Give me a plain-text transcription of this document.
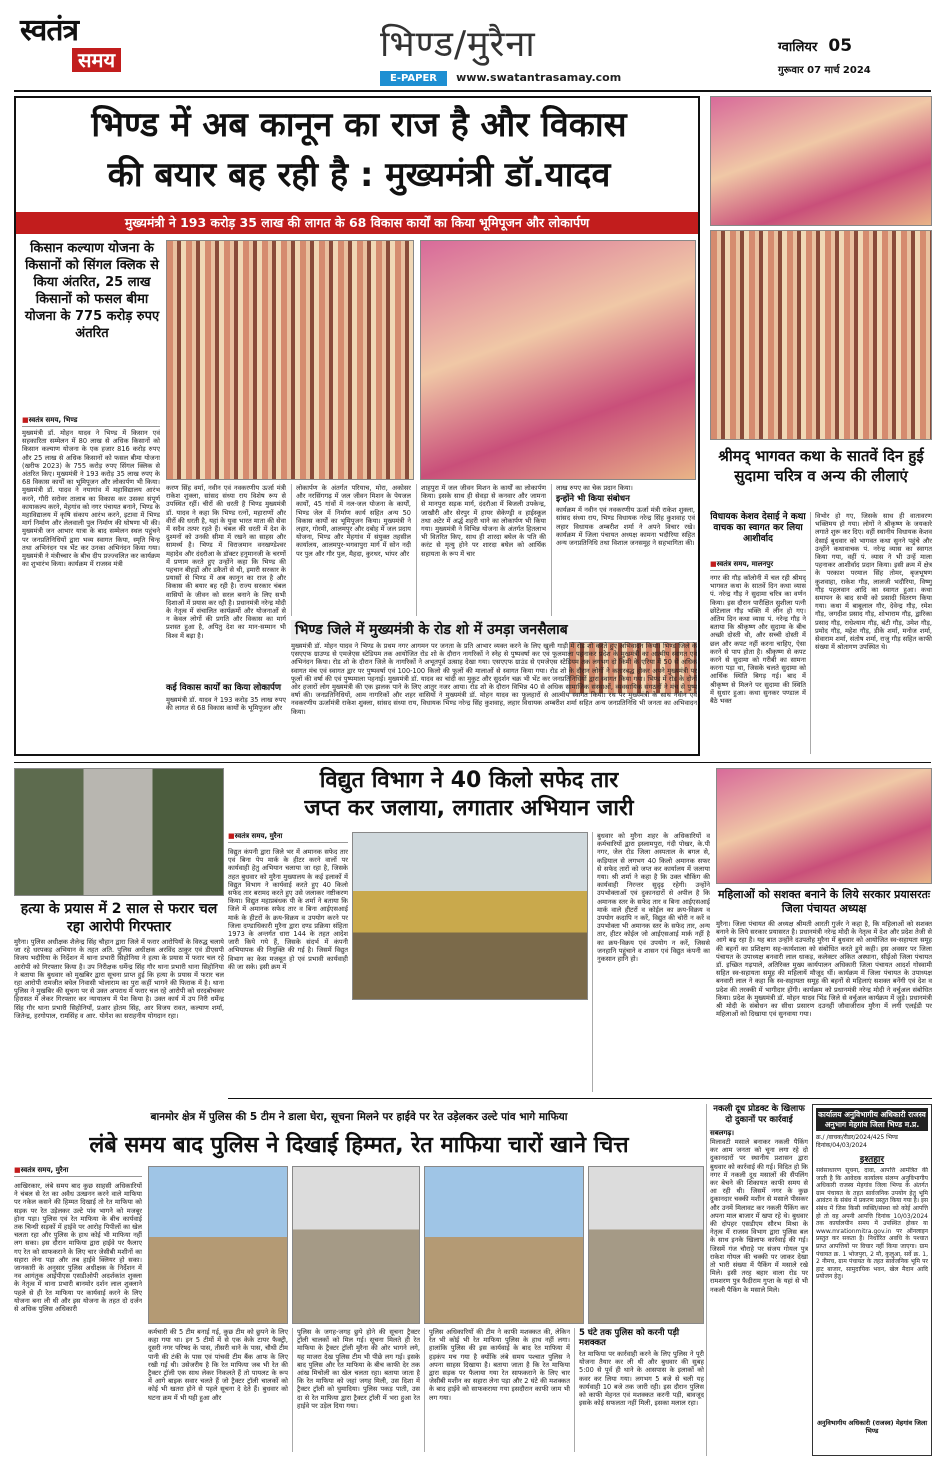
स्वतंत्र
समय	भिण्ड/मुरैना
E-PAPER www.swatantrasamay.com
ग्वालियर 05
गुरूवार 07 मार्च 2024
भिण्ड में अब कानून का राज है और विकास
की बयार बह रही है : मुख्यमंत्री डॉ.यादव
मुख्यमंत्री ने 193 करोड़ 35 लाख की लागत के 68 विकास कार्यों का किया भूमिपूजन और लोकार्पण
किसान कल्याण योजना के किसानों को सिंगल क्लिक से किया अंतरित, 25 लाख किसानों को फसल बीमा योजना के 775 करोड़ रुपए अंतरित
■ स्वतंत्र समय, भिण्ड
मुख्यमंत्री डॉ. मोहन यादव ने भिण्ड में किसान एवं सहकारिता सम्मेलन में 80 लाख से अधिक किसानों को किसान कल्याण योजना के एक हजार 816 करोड़ रुपए और 25 लाख से अधिक किसानों को फसल बीमा योजना (खरीफ 2023) के 755 करोड़ रुपए सिंगल क्लिक से अंतरित किए। मुख्यमंत्री ने 193 करोड़ 35 लाख रुपए के 68 विकास कार्यों का भूमिपूजन और लोकार्पण भी किया। मुख्यमंत्री डॉ. यादव ने नयागांव में महाविद्यालय आरंभ करने, गौरी सरोवर तालाब का विकास कर उसका संपूर्ण कायाकल्प करने, मेहगांव को नगर पंचायत बनाने, भिण्ड के महाविद्यालय में कृषि संकाय आरंभ करने, इटावा में भिण्ड मार्ग निर्माण और लेलवाली पुल निर्माण की घोषणा भी की। मुख्यमंत्री जन आभार यात्रा के बाद सम्मेलन स्थल पहुंचने पर जनप्रतिनिधियों द्वारा भव्य स्वागत किया, स्मृति चिन्ह तथा अभिनंदन पत्र भेंट कर उनका अभिनंदन किया गया। मुख्यमंत्री ने मंत्रीच्चार के बीच दीप प्रज्ज्वलित कर कार्यक्रम का शुभारंभ किया। कार्यक्रम में राजस्व मंत्री
करण सिंह वर्मा, नवीन एवं नवकरणीय ऊर्जा मंत्री राकेश शुक्ला, सांसद संध्या राय विशेष रूप से उपस्थित रहीं। चीरों की धरती है भिण्ड मुख्यमंत्री डॉ. यादव ने कहा कि भिण्ड रत्नों, महाराणों और वीरों की धरती है, यहां के युवा भारत माता की सेवा में सदैव तत्पर रहते हैं। चंबल की धरती में देश के दुश्मनों को उनकी सीमा में रखने का साहस और सामर्थ्य है। भिण्ड में विराजमान वनखण्डेश्वर महादेव और दंदरौआ के डॉक्टर हनुमानजी के चरणों में प्रणाम करते हुए उन्होंने कहा कि भिण्ड की पहचान बीहड़ों और डकैतों से थी, इमारी सरकार के प्रयासों से भिण्ड में अब कानून का राज है और विकास की बयार बह रही है। राज्य सरकार चंबल वासियों के जीवन को सरल बनाने के लिए सभी दिशाओं में प्रयास कर रही है। प्रधानमंत्री नरेन्द्र मोदी के नेतृत्व में संचालित कार्यक्रमों और योजनाओं से न केवल लोगों की प्रगति और विकास का मार्ग प्रशस्त हुआ है, अपितु देश का मान-सम्मान भी विश्व में बढ़ा है।
कई विकास कार्यों का किया लोकार्पण
मुख्यमंत्री डॉ. यादव ने 193 करोड़ 35 लाख रुपए की लागत से 68 विकास कार्यों के भूमिपूजन और
लोकार्पण के अंतर्गत परियाच, मोरा, अकोसर और नरसिंगगढ़ में जल जीवन मिशन के पेयजल कार्यों, 45 गांवों में नल-जल योजना के कार्यों, भिण्ड जेल में निर्माण कार्य सहित अन्य 50 विकास कार्यों का भूमिपूजन किया। मुख्यमंत्री ने लहार, गोरमी, आलमपुर और दबोह में जल प्रदाय योजना, भिण्ड और मेहगांव में संयुक्त तहसील कार्यालय, आलमपुर-भगवापुरा मार्ग में सोन नदी पर पुल और गौर पुल, मैहदा, कुरथर, भांपर और
शाहपुरा में जल जीवन मिशन के कार्यों का लोकार्पण किया। इसके साथ ही सेवड़ा से कनवार और जामना से मानपुरा सड़क मार्ग, दंदरौआ में बिजली उपकेन्द्र, जाखौरी और सेरपुर में हायर सेकेण्ड्री व हाईस्कूल तथा अटेर में अर्द्ध शहरी थाने का लोकार्पण भी किया गया। मुख्यमंत्री ने विभिन्न योजना के अंतर्गत हितलाभ भी वितरित किए, साथ ही शारदा बघेल के पति की करंट से मृत्यु होने पर शारदा बघेल को आर्थिक सहायता के रूप में चार
लाख रुपए का चेक प्रदान किया।
इन्होंने भी किया संबोधन
कार्यक्रम में नवीन एवं नवकरणीय ऊर्जा मंत्री राकेश शुक्ला, सांसद संध्या राय, भिण्ड विधायक नरेन्द्र सिंह कुशवाह एवं लहार विधायक अम्बरीश शर्मा ने अपने विचार रखे। कार्यक्रम में जिला पंचायत अध्यक्ष कामना भदौरिया सहित अन्य जनप्रतिनिधि तथा विशाल जनसमूह ने सहभागिता की।
भिण्ड जिले में मुख्यमंत्री के रोड शो में उमड़ा जनसैलाब
मुख्यमंत्री डॉ. मोहन यादव ने भिण्ड के प्रथम नगर आगमन पर जनता के प्रति आभार व्यक्त करने के लिए खुली गाड़ी में रोड शो करते हुए अभिवादन किया। भिण्ड जिले के एसएएफ ग्राउण्ड से एमजेएस स्टेडियम तक आयोजित रोड शो के दौरान नागरिकों ने स्नेह से पुष्पवर्षा कर एवं फूलमाला पहनाकर प्रदेश के मुखमंत्री का आत्मीय स्वागत एवं अभिनंदन किया। रोड शो के दौरान जिले के नागरिकों ने अभूतपूर्व उत्साह देखा गया। एसएएफ ग्राउंड से एमजेएस स्टेडियम तक लगभग दो किमी के एरिया में 50 से अधिक स्वागत मंच एवं स्वागत द्वार पर पुष्पवर्षा एवं 100-100 किलो की फूलों की मालाओं से स्वागत किया गया। रोड शो के दौरान लोगों ने कतारबद्ध होकर अपने मुख्यमंत्री पर फूलों की वर्षा की एवं पुष्पमाला पहनाई। मुख्यमंत्री डॉ. यादव का चांदी का मुकुट और सुदर्शन चक्र भी भेंट कर जनप्रतिनिधियों द्वारा स्वागत किया गया। भिण्ड में रोड के दोनों ओर हजारों लोग मुख्यमंत्री की एक झलक पाने के लिए आतुर नजर आया। रोड शो के दौरान विभिन्न 40 से अधिक सामाजिक संस्थाओं, व्यवसायिक संगठनों ने मंच से पुष्प वर्षा की। जनप्रतिनिधियों, आम नागरिकों और शहर वासियों ने मुख्यमंत्री डॉ. मोहन यादव का फूलहारों से आत्मीय स्वागत किया। रथ पर मुख्यमंत्री के साथ नवीन एवं नवकरणीय ऊर्जामंत्री राकेश शुक्ला, सांसद संध्या राय, विधायक भिण्ड नरेन्द्र सिंह कुशवाह, लहार विधायक अम्बरीश शर्मा सहित अन्य जनप्रतिनिधि भी जनता का अभिवादन किया।
श्रीमद् भागवत कथा के सातवें दिन हुई सुदामा चरित्र व अन्य की लीलाएं
विधायक केशव देसाई ने कथा वाचक का स्वागत कर लिया आशीर्वाद
■ स्वतंत्र समय, मालनपुर
नगर की गौड़ कॉलोनी में चल रही श्रीमद् भागवत कथा के सातवें दिन कथा व्यास पं. नरेन्द्र गौड़ ने सुदामा चरित्र का वर्णन किया। इस दौरान पारीक्षित सुशीला पत्नी छोटेलाल गौड़ भक्ति में लीन हो गए। अंतिम दिन कथा व्यास पं. नरेन्द्र गौड़ ने बताया कि श्रीकृष्ण और सुदामा के बीच अच्छी दोस्ती थी, और सच्ची दोस्ती में छल और कपट नहीं करना चाहिए, ऐसा करने से पाप होता है। श्रीकृष्ण से कपट करने से सुदामा को गरीबी का सामना करना पड़ा था, जिसके चलते सुदामा को आर्थिक स्थिति बिगड़ गई। बाद में श्रीकृष्ण से मिलने पर सुदामा की स्थिति में सुधार हुआ। कथा सुनकर पण्डाल में बैठे भक्त
विभोर हो गए, जिसके साथ ही वातावरण भक्तिमय हो गया। लोगों ने श्रीकृष्ण के जयकारे लगाते शुरू कर दिए। वहीं स्थानीय विधायक केशव देसाई बुधवार को भागवत कथा सुनने पहुंचे और उन्होंने कथावाचक पं. नरेन्द्र व्यास का स्वागत किया गया, वहीं पं. व्यास ने भी उन्हें माला पहनाकर आशीर्वाद प्रदान किया। इसी क्रम में क्षेत्र के परकाश परमाल सिंह तोमर, बृजभूषण कुशवाहा, राकेश गौड़, लालजी भदौरिया, विष्णु गौड़ पहलवान आदि का स्वागत हुआ। कथा समापन के बाद सभी को प्रसादी वितरण किया गया। कथा में बाबूलाल गौर, देवेन्द्र गौड़, रमेश गौड़, जगदीश प्रसाद गौड़, शोभाराम गौड़, द्वारिका प्रसाद गौड़, राधेश्याम गौड़, बंटी गौड़, उमेश गौड़, प्रमोद गौड़, महेश गौड़, डीके शर्मा, मनोज शर्मा, सेवाराम शर्मा, संतोष शर्मा, राजु गौड़ सहित काफी संख्या में श्रोतागण उपस्थित थे।
हत्या के प्रयास में 2 साल से फरार चल रहा आरोपी गिरफ्तार
मुरैना। पुलिस अधीक्षक शैलेन्द्र सिंह चौहान द्वारा जिले में फरार आरोपियों के विरुद्ध चलाये जा रहे धरपकड़ अभियान के तहत अति. पुलिस अधीक्षक अरविंद ठाकुर एवं डीएसपी विजय भदौरिया के निर्देशन में थाना प्रभारी सिहोनिया ने हत्या के प्रयास में फरार चल रहे आरोपी को गिरफ्तार किया है। उप निरीक्षक धर्मेन्द्र सिंह गौर थाना प्रभारी थाना सिहोनिया ने बताया कि बुधवार को मुखबिर द्वारा सूचना प्राप्त हुई कि हत्या के प्रयास में फरार चल रहा आरोपी रामजीत बघेल निवासी भोलाराम का पुरा कहीं भागने की फिराक में है। थाना पुलिस ने मुखबिर की सूचना पर से उक्त अपराध में फरार चल रहे आरोपी को धरदबोचकर हिरासत में लेकर गिरफ्तार कर न्यायालय में पेश किया है। उक्त कार्य में उप निरी धर्मेन्द्र सिंह गौर थाना प्रभारी सिहोनियाँ, प्रआर होतम सिंह, आर विजय रावत, कल्याण शर्मा, जितेन्द्र, हरगोपाल, रामसिंह व आर. योगेश का सराहनीय योगदान रहा।
विद्युत विभाग ने 40 किलो सफेद तार
जप्त कर जलाया, लगातार अभियान जारी
■ स्वतंत्र समय, मुरैना
विद्युत कंपनी द्वारा जिले भर में अमानक सफेद तार एवं बिना पेप मार्क के हीटर करने वालों पर कार्यवाही हेतु अभियान चलाया जा रहा है, जिसके तहत बुधवार को मुरैना मुख्यालय के कई इलाकों में विद्युत विभाग ने कार्यवाई करते हुए 40 किलो सफेद तार बरामद करते हुए उसे जलाकर नष्टीकरण किया। विद्युत महाप्रबंधक पी के शर्मा ने बताया कि जिले में अमानक सफेद तार व बिना आईएसआई मार्क के हीटरों के क्रय-विक्रय व उपयोग करने पर जिला दण्डाधिकारी मुरैना द्वारा दण्ड प्रक्रिया संहिता 1973 के अन्तर्गत धारा 144 के तहत आदेश जारी किये गये हैं, जिसके संदर्भ में कंपनी अभियापक की नियुक्ति की गई है। जिसमें विद्युत विभाग का केस मजबूत हो एवं प्रभावी कार्यवाही की जा सके। इसी क्रम में
बुधवार को मुरैना शहर के अधिकारियों व कर्मचारियों द्वारा इस्लामपुरा, गंदी पोखर, के.पी नगर, जेल रोड जिला अस्पताल के बगल से, कड़ियाल से लगभग 40 किलो अमानक सफर से सफेद तारों को जप्त कर कार्यालय में जलाया गया। श्री शर्मा ने कहा है कि उक्त चौकिंग की कार्यवाही निरन्तर सुदृढ़ रहेगी। उन्होंने उपभोक्ताओं एवं दुकानदारों से अपील है कि अमानक स्तर के सफेद तार व बिना आईएसआई मार्क वाले हीटरों व कोईल का क्रय-विक्रय व उपयोग कदापि न करें, विद्युत की चोरी न करें व उपभोक्ता भी अमानक स्तर के सफेद तार, अन्य तार, हीटर कोईल जो आईएसआई मार्क नहीं है का क्रय-विक्रय एवं उपयोग न करें, जिससे जनहानि पहुंचाने व शासन एवं विद्युत कंपनी का नुकसान हानि हो।
महिलाओं को सशक्त बनाने के लिये सरकार प्रयासरतः जिला पंचायत अध्यक्ष
मुरैना। जिला पंचायत की अध्यक्ष श्रीमती आरती गुर्जर ने कहा है, कि महिलाओं को सशक्त बनाने के लिये सरकार प्रयासरत है। प्रधानमंत्री नरेन्द्र मोदी के नेतृत्व में देश और प्रदेश तेजी से आगे बढ़ रहा है। यह बात उन्होंने दउपतोह मुरैना में बुधवार को आयोजित स्व-सहायता समूह की बहनों का प्रशिक्षण सह-कार्यशाला को संबोधित करते हुये कही। इस अवसर पर जिला पंचायत के उपाध्यक्ष बनवारी लाल धाकड़, कलेक्टर अंकित अस्थाना, सीईओ जिला पंचायत डॉ. इच्छित गढ़पाले, अतिरिक्त मुख्य कार्यपालन अधिकारी जिला पंचायत आदर्श गोस्वामी सहित स्व-सहायता समूह की महिलायें मौजूद थीं। कार्यक्रम में जिला पंचायत के उपाध्यक्ष बनवारी लाल ने कहा कि स्व-सहायता समूह की बहनों से महिलाएं सशक्त बनेंगी एवं देश व प्रदेश की तरक्की में भागीदार होंगी। कार्यक्रम को प्रधानमंत्री नरेन्द्र मोदी ने वर्चुअल संबोधित किया। प्रदेश के मुख्यमंत्री डॉ. मोहन यादव भिंड जिले से वर्चुअल कार्यक्रम में जुड़े। प्रधानमंत्री श्री मोदी के संबोधन का सीधा प्रसारण दउनहीं जौवाजीराव मुरैना में लगी एलईडी पर महिलाओं को दिखाया एवं सुनवाया गया।
बानमोर क्षेत्र में पुलिस की 5 टीम ने डाला घेरा, सूचना मिलने पर हाईवे पर रेत उड़ेलकर उल्टे पांव भागे माफिया
लंबे समय बाद पुलिस ने दिखाई हिम्मत, रेत माफिया चारों खाने चित्त
■ स्वतंत्र समय, मुरैना
आखिरकार, लंबे समय बाद कुछ साहसी अधिकारियों ने चंबल से रेत का अवैध उत्खनन करने वाले माफिया पर नकेल कसने की हिम्मत दिखाई तो रेत माफिया को सड़क पर रेत उड़ेलकर उल्टे पांव भागने को मजबूर होना पड़ा। पुलिस एवं रेत माफिया के बीच कार्यवाई तक चिन्धी सड़कों में हाईवे पर आरोह पिपीलों का खेल चलता रहा और पुलिस के हाथ कोई भी माफिया नहीं लग सका। इस दौरान माफिया द्वारा हाईवे पर फैलाए गए रेत को साफकराने के लिए चार जेसीबी मशीनों का सहारा लेना पड़ा और तब हाईवे क्लियर हो सका। जानकारी के अनुसार पुलिस अधीक्षक के निर्देशन में नव आगंतुक आईपीएस एसडीओपी अदर्शकांत शुक्ला के नेतृत्व में थाना प्रभारी बानमोर दर्शन लाल शुक्लाने पहले से ही रेत माफिया पर कार्यवाई करने के लिए योजना बना ली थी और इस योजना के तहत दो दर्जन से अधिक पुलिस अधिकारी
कर्मचारी की 5 टीम बनाई गई, कुछ टीम को छुपने के लिए कहा गया था। इन 5 टीमों में से एक केके टायर फैक्ट्री, दूसरी नगर परिषद के पास, तीसरी थाने के पास, चौथी टीम पानी की टंकी के पास एवं पांचवी टीम बैंक आफ के लिए रखी गई थी। उसेजरीय है कि रेत माफिया जब भी रेत की ट्रैक्टर ट्रॉली एक साथ लेकर निकलते हैं तो पायलट के रूप में आगे बाइक सवार चलते हैं जो ट्रैक्टर ट्रॉली चालकों को कोई भी खतरा होने से पहले सूचना दे देते हैं। बुधवार को घटना क्रम में भी यही हुआ और
पुलिस के जगह-जगह छुपे होने की सूचना ट्रैक्टर ट्रॉली चालकों को मिल गई। सूचना मिलते ही रेत माफिया के ट्रैक्टर ट्रॉली मुरैना की ओर भागने लगे, यह माजरा देख पुलिस टीम भी पीछे लग गई। इसके बाद पुलिस और रेत माफिया के बीच काफी देर तक आंख मिचोली का खेल चलता रहा। बताया जाता है कि रेत माफिया को जहां जगह मिली, उस दिशा में ट्रैक्टर ट्रॉली को घुमादिया। पुलिस पकड़ पाती, उस दा से रेत माफिया द्वारा ट्रैक्टर ट्रॉली में भरा हुआ रेत हाईवे पर उड़ेल दिया गया।
पुलिस अधिकारियों की टीम ने काफी मशक्कत की, लेकिन रेत भी कोई भी रेत माफिया पुलिस के हाथ नहीं लगा। हालांकि पुलिस की इस कार्यवाई के बाद रेत माफिया में हड़कंप मच गया है क्योंकि लंबे समय पश्चात पुलिस ने अपना साहस दिखाया है। बताया जाता है कि रेत माफिया द्वारा सड़क पर फैलाया गया रेत साफकराने के लिए चार जेसीबी मशीन का सहारा लेना पड़ा और 2 घंटे की मशक्कत के बाद हाईवे को साफकराया गया इसदौरान काफी जाम भी लग गया।
5 घंटे तक पुलिस को करनी पड़ी मशक्कत
रेत माफिया पर कार्रवाही करने के लिए पुलिस ने पूरी योजना तैयार कर ली थी और बुधवार की सुबह 5:00 से पूर्व ही थाने के आसपास के इलाकों को कवर कर लिया गया। लगभग 5 बजे से चली यह कार्यवाही 10 बजे तक जारी रही। इस दौरान पुलिस को काफी मेहनत एवं मशक्कत करनी पड़ी, बावजूद इसके कोई सफलता नहीं मिली, इसका मलाल रहा।
नकली दूध प्रोडक्ट के खिलाफ दो दुकानों पर कार्रवाई
सबलगढ़।
मिलावटी मसाले बनाकर नकली पैकिंग कर आम जनता को चूना लगा रहे दो दुकानदारों पर स्थानीय प्रशासन द्वारा बुधवार को कार्रवाई की गई। विदित हो कि नगर में नकली दूध मसालों की सैंपलिंग कर बेचने की शिकायत काफी समय से आ रही थी। जिसमें नगर के कुछ दुकानदार चक्की मशीन से मसाले पीसकर और उनमें मिलावट कर नकली पैकिंग कर अपना माल बाजार में खपा रहे थे। बुधवार की दोपहर एसडीएम सौरभ मिश्रा के नेतृत्व में राजस्व विभाग द्वारा पुलिस बल के साथ इनके खिलाफ कार्रवाई की गई। जिसमें गंज चौराहे पर संजय गोयल पुत्र राकेश गोयल की चक्की पर जाकर देखा तो भारी संख्या में पैकिंग में मसाले रखे मिले। इसी तरह बहार वाला रोड पर रामशरण पुत्र फैदीराम गुप्ता के यहां से भी नकली पैकिंग के मसाले मिले।
कार्यालय अनुविभागीय अधिकारी राजस्व अनुभाग मेहगांव जिला भिण्ड म.प्र.
क्र./ /वाचक/रीडर/2024/425 भिण्ड दिनांक/04/03/2024
इश्तहार
सर्वसाधारण सूचना, दावा, आपत्ति आमंत्रित की जाती है कि आवेदक कार्यालय संलग्न अनुविभागीय अधिकारी राजस्व मेहगांव जिला भिण्ड के अंतर्गत ग्राम पंचायत के तहत सार्वजनिक उपयोग हेतु भूमि आवंटन के संबंध में प्रकरण प्रस्तुत किया गया है। इस संबंध में जिस किसी व्यक्ति/संस्था को कोई आपत्ति हो तो वह अपनी आपत्ति दिनांक 10/03/2024 तक कार्यालयीन समय में उपस्थित होकर या www.mrationmitra.gov.in पर ऑनलाइन प्रस्तुत कर सकता है। निर्धारित अवधि के पश्चात प्राप्त आपत्तियों पर विचार नहीं किया जाएगा। ग्राम पंचायत क्र. 1 भोजपुरा, 2 मौ, कुलुआ, सर्वे क्र. 1, 2 नीमच, ग्राम पंचायत के तहत सार्वजनिक भूमि पर हाट बाजार, सामुदायिक भवन, खेल मैदान आदि प्रयोजन हेतु।
अनुविभागीय अधिकारी (राजस्व) मेहगांव जिला भिण्ड
